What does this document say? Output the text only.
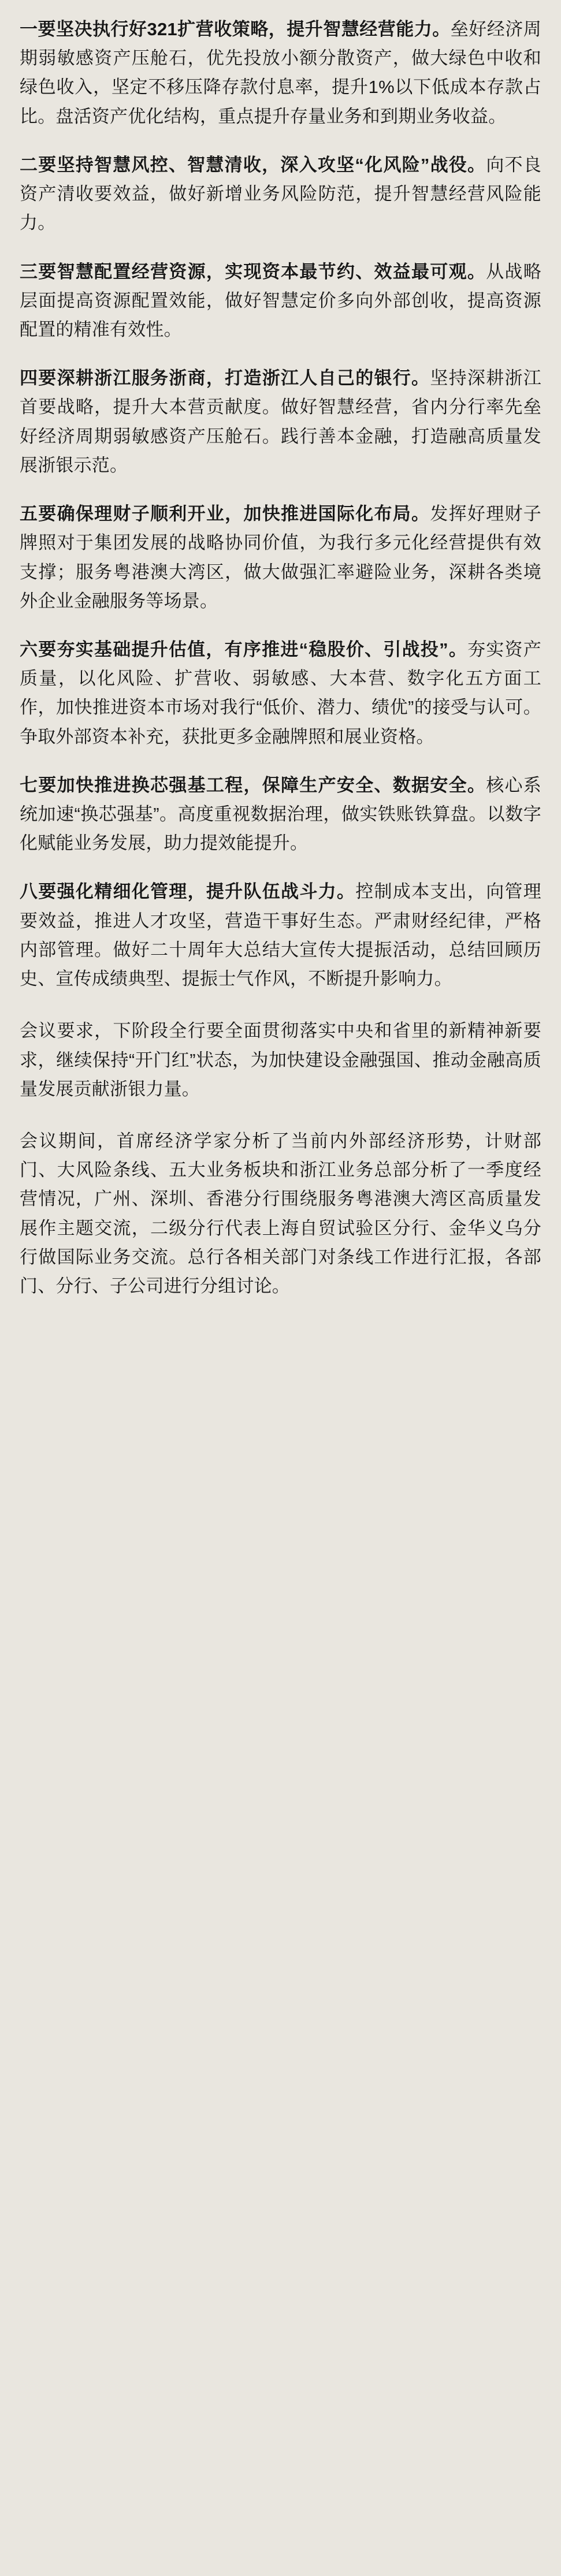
一要坚决执行好321扩营收策略，提升智慧经营能力。垒好经济周期弱敏感资产压舱石，优先投放小额分散资产，做大绿色中收和绿色收入，坚定不移压降存款付息率，提升1%以下低成本存款占比。盘活资产优化结构，重点提升存量业务和到期业务收益。

二要坚持智慧风控、智慧清收，深入攻坚“化风险”战役。向不良资产清收要效益，做好新增业务风险防范，提升智慧经营风险能力。

三要智慧配置经营资源，实现资本最节约、效益最可观。从战略层面提高资源配置效能，做好智慧定价多向外部创收，提高资源配置的精准有效性。

四要深耕浙江服务浙商，打造浙江人自己的银行。坚持深耕浙江首要战略，提升大本营贡献度。做好智慧经营，省内分行率先垒好经济周期弱敏感资产压舱石。践行善本金融，打造融高质量发展浙银示范。

五要确保理财子顺利开业，加快推进国际化布局。发挥好理财子牌照对于集团发展的战略协同价值，为我行多元化经营提供有效支撑；服务粤港澳大湾区，做大做强汇率避险业务，深耕各类境外企业金融服务等场景。

六要夯实基础提升估值，有序推进“稳股价、引战投”。夯实资产质量，以化风险、扩营收、弱敏感、大本营、数字化五方面工作，加快推进资本市场对我行“低价、潜力、绩优”的接受与认可。争取外部资本补充，获批更多金融牌照和展业资格。

七要加快推进换芯强基工程，保障生产安全、数据安全。核心系统加速“换芯强基”。高度重视数据治理，做实铁账铁算盘。以数字化赋能业务发展，助力提效能提升。

八要强化精细化管理，提升队伍战斗力。控制成本支出，向管理要效益，推进人才攻坚，营造干事好生态。严肃财经纪律，严格内部管理。做好二十周年大总结大宣传大提振活动，总结回顾历史、宣传成绩典型、提振士气作风，不断提升影响力。

会议要求，下阶段全行要全面贯彻落实中央和省里的新精神新要求，继续保持“开门红”状态，为加快建设金融强国、推动金融高质量发展贡献浙银力量。

会议期间，首席经济学家分析了当前内外部经济形势，计财部门、大风险条线、五大业务板块和浙江业务总部分析了一季度经营情况，广州、深圳、香港分行围绕服务粤港澳大湾区高质量发展作主题交流，二级分行代表上海自贸试验区分行、金华义乌分行做国际业务交流。总行各相关部门对条线工作进行汇报，各部门、分行、子公司进行分组讨论。
